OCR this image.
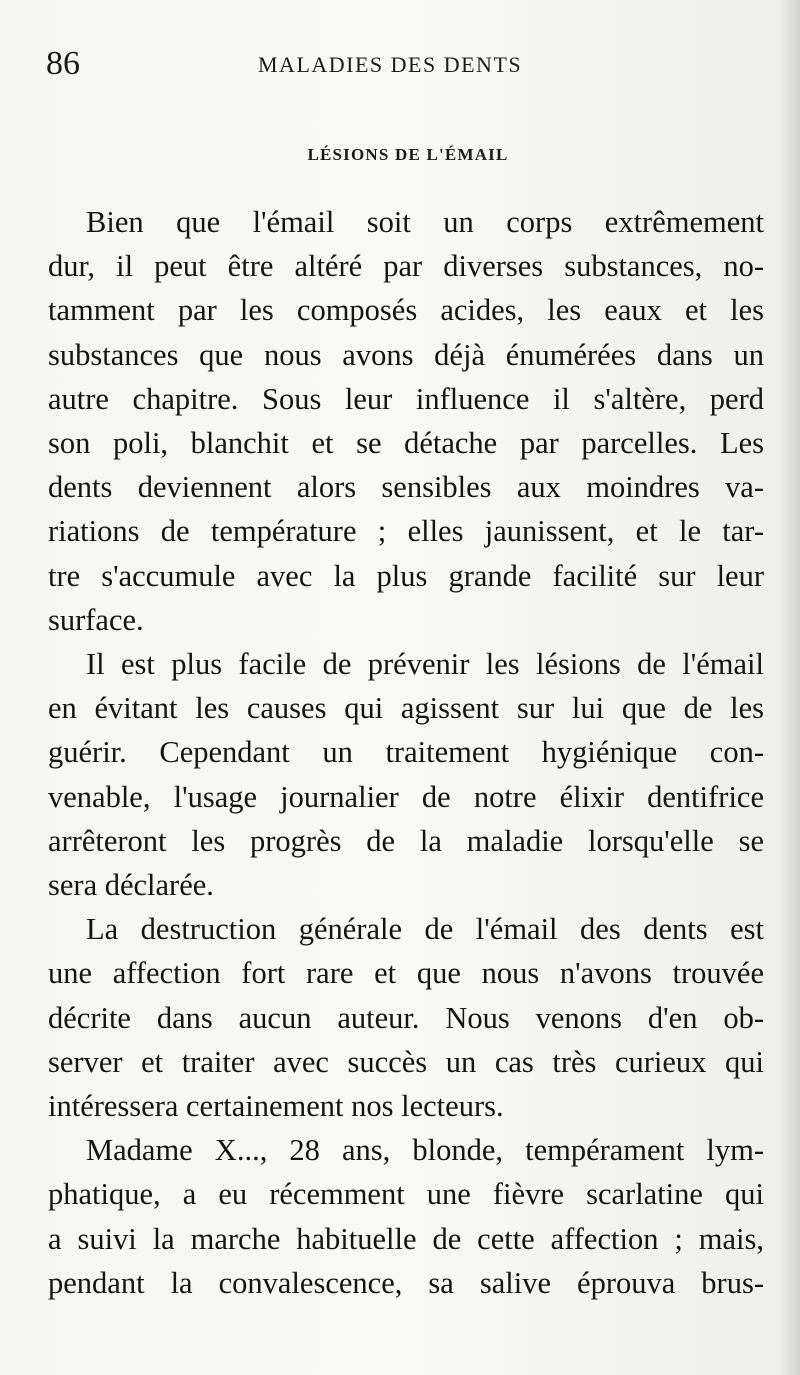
86	MALADIES DES DENTS
LÉSIONS DE L'ÉMAIL
Bien que l'émail soit un corps extrêmement
dur, il peut être altéré par diverses substances, no-
tamment par les composés acides, les eaux et les
substances que nous avons déjà énumérées dans un
autre chapitre. Sous leur influence il s'altère, perd
son poli, blanchit et se détache par parcelles. Les
dents deviennent alors sensibles aux moindres va-
riations de température ; elles jaunissent, et le tar-
tre s'accumule avec la plus grande facilité sur leur
surface.
Il est plus facile de prévenir les lésions de l'émail
en évitant les causes qui agissent sur lui que de les
guérir. Cependant un traitement hygiénique con-
venable, l'usage journalier de notre élixir dentifrice
arrêteront les progrès de la maladie lorsqu'elle se
sera déclarée.
La destruction générale de l'émail des dents est
une affection fort rare et que nous n'avons trouvée
décrite dans aucun auteur. Nous venons d'en ob-
server et traiter avec succès un cas très curieux qui
intéressera certainement nos lecteurs.
Madame X..., 28 ans, blonde, tempérament lym-
phatique, a eu récemment une fièvre scarlatine qui
a suivi la marche habituelle de cette affection ; mais,
pendant la convalescence, sa salive éprouva brus-
